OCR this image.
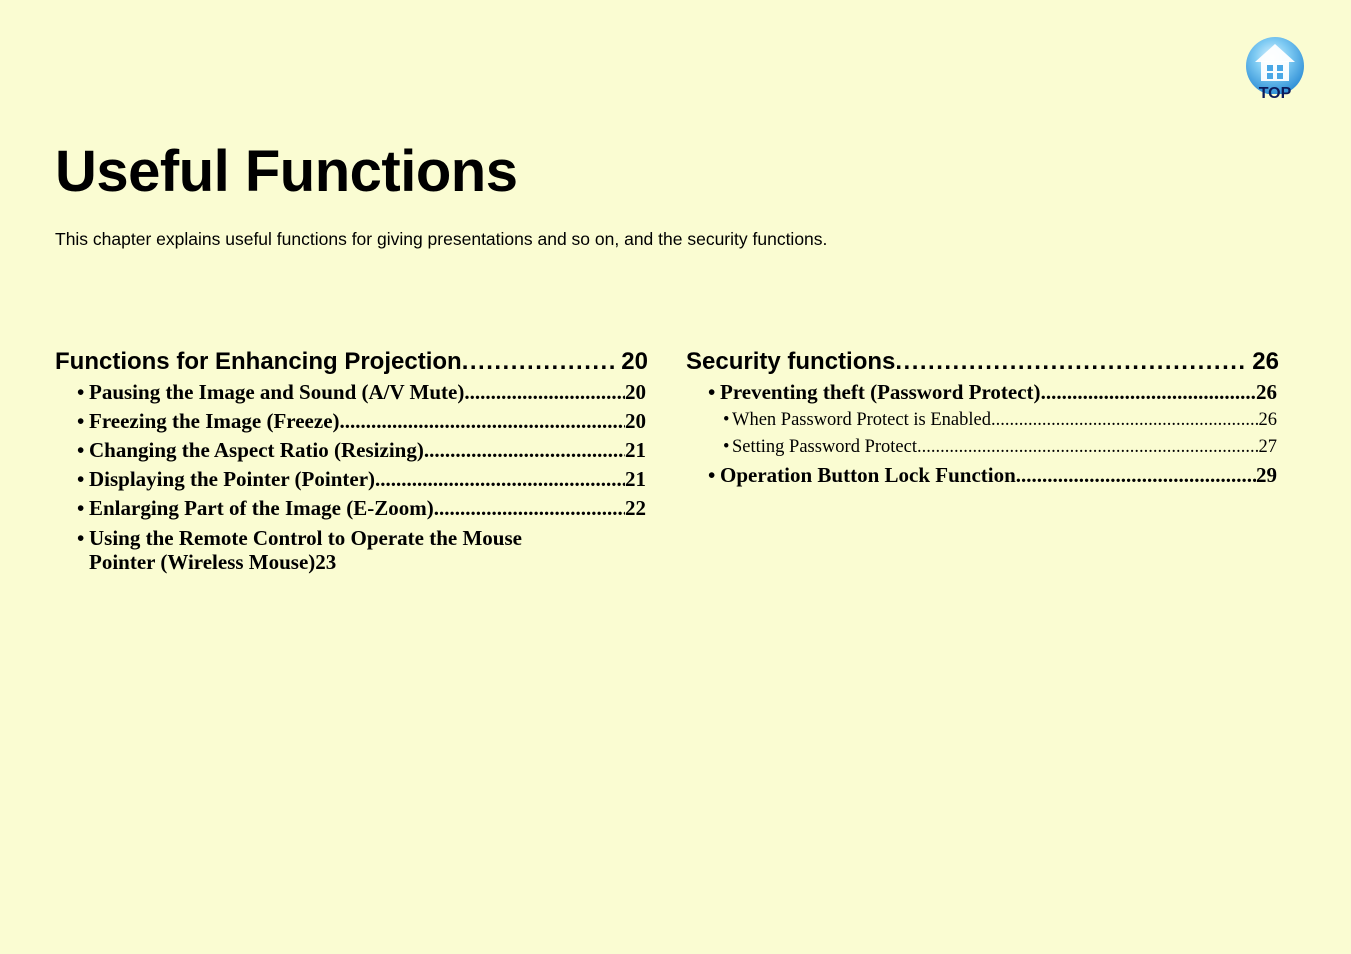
TOP
Useful Functions

This chapter explains useful functions for giving presentations and so on, and the security functions.

Functions for Enhancing Projection .....	20
• Pausing the Image and Sound (A/V Mute) .....	20
• Freezing the Image (Freeze) .....	20
• Changing the Aspect Ratio (Resizing) .....	21
• Displaying the Pointer (Pointer) .....	21
• Enlarging Part of the Image (E-Zoom) .....	22
• Using the Remote Control to Operate the Mouse
Pointer (Wireless Mouse) 23
Security functions .....	26
• Preventing theft (Password Protect) .....	26
• When Password Protect is Enabled .....	26
• Setting Password Protect .....	27
• Operation Button Lock Function .....	29
